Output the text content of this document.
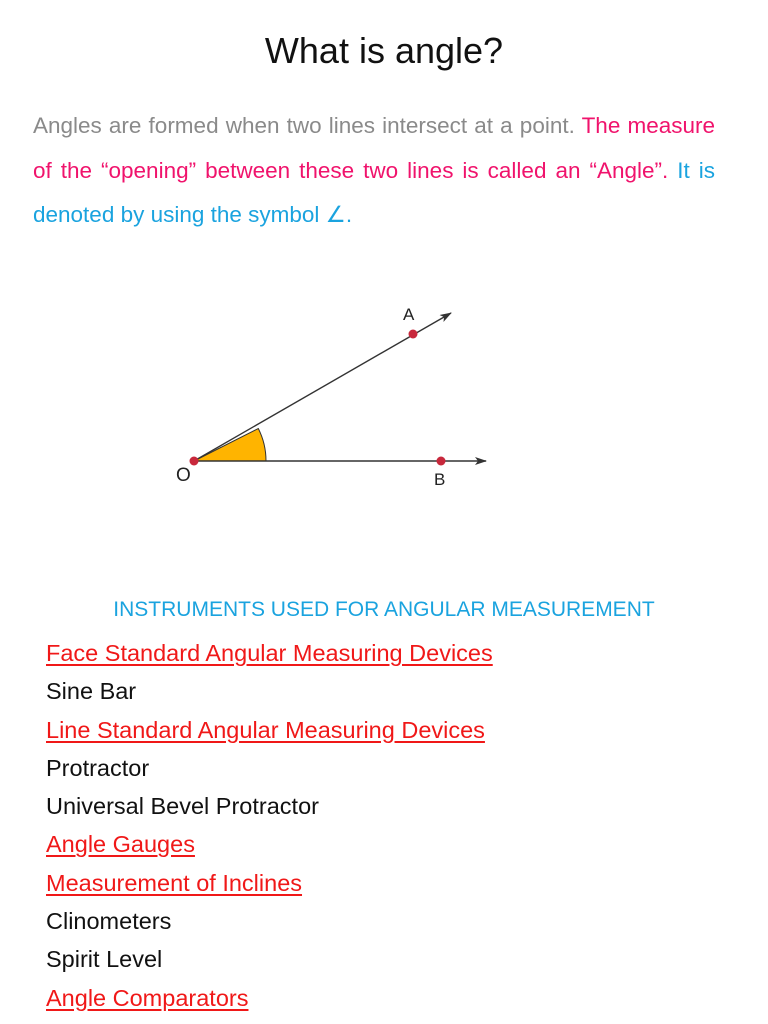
What is angle?
Angles are formed when two lines intersect at a point. The measure of the “opening” between these two lines is called an “Angle”. It is denoted by using the symbol ∠.
O
A
B
INSTRUMENTS USED FOR ANGULAR MEASUREMENT
Face Standard Angular Measuring Devices
Sine Bar
Line Standard Angular Measuring Devices
Protractor
Universal Bevel Protractor
Angle Gauges
Measurement of Inclines
Clinometers
Spirit Level
Angle Comparators
